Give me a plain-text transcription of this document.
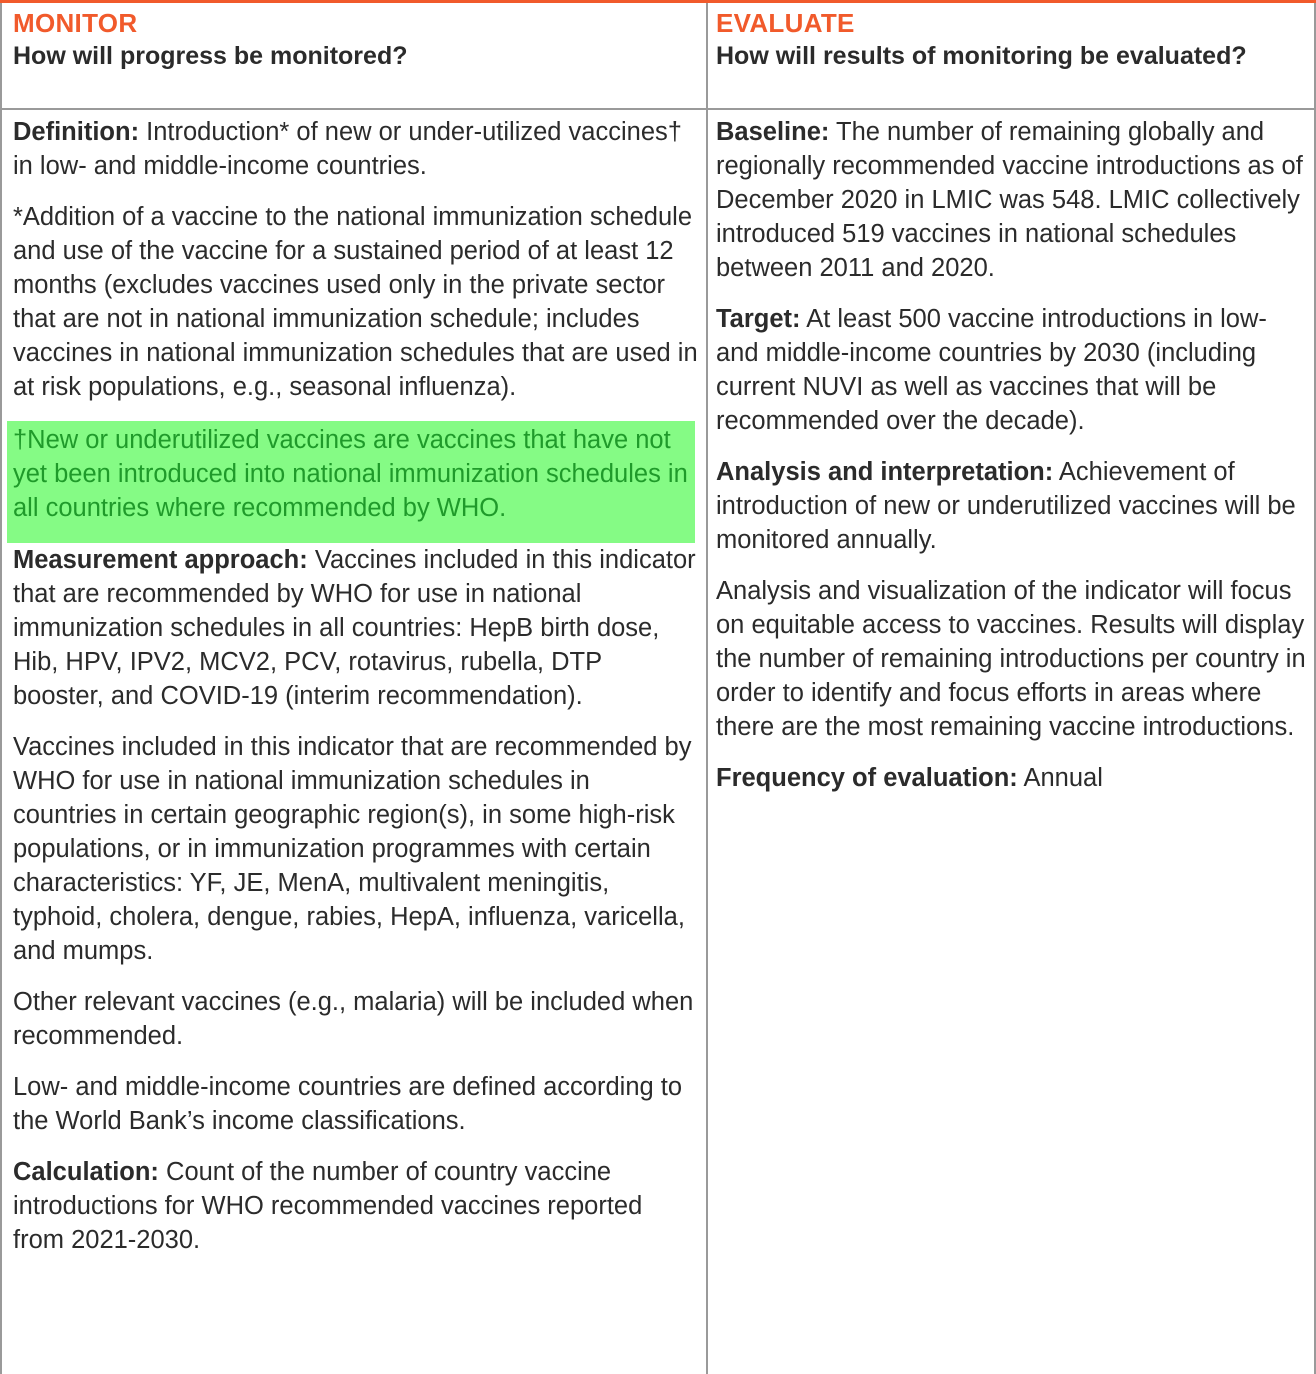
MONITOR
How will progress be monitored?
EVALUATE
How will results of monitoring be evaluated?

Definition: Introduction* of new or under-utilized vaccines† in low- and middle-income countries.

*Addition of a vaccine to the national immunization schedule and use of the vaccine for a sustained period of at least 12 months (excludes vaccines used only in the private sector that are not in national immunization schedule; includes vaccines in national immunization schedules that are used in at risk populations, e.g., seasonal influenza).

†New or underutilized vaccines are vaccines that have not yet been introduced into national immunization schedules in all countries where recommended by WHO.

Measurement approach: Vaccines included in this indicator that are recommended by WHO for use in national immunization schedules in all countries: HepB birth dose, Hib, HPV, IPV2, MCV2, PCV, rotavirus, rubella, DTP booster, and COVID-19 (interim recommendation).

Vaccines included in this indicator that are recommended by WHO for use in national immunization schedules in countries in certain geographic region(s), in some high-risk populations, or in immunization programmes with certain characteristics: YF, JE, MenA, multivalent meningitis, typhoid, cholera, dengue, rabies, HepA, influenza, varicella, and mumps.

Other relevant vaccines (e.g., malaria) will be included when recommended.

Low- and middle-income countries are defined according to the World Bank’s income classifications.

Calculation: Count of the number of country vaccine introductions for WHO recommended vaccines reported from 2021-2030.

Baseline: The number of remaining globally and regionally recommended vaccine introductions as of December 2020 in LMIC was 548. LMIC collectively introduced 519 vaccines in national schedules between 2011 and 2020.

Target: At least 500 vaccine introductions in low- and middle-income countries by 2030 (including current NUVI as well as vaccines that will be recommended over the decade).

Analysis and interpretation: Achievement of introduction of new or underutilized vaccines will be monitored annually.

Analysis and visualization of the indicator will focus on equitable access to vaccines. Results will display the number of remaining introductions per country in order to identify and focus efforts in areas where there are the most remaining vaccine introductions.

Frequency of evaluation: Annual
